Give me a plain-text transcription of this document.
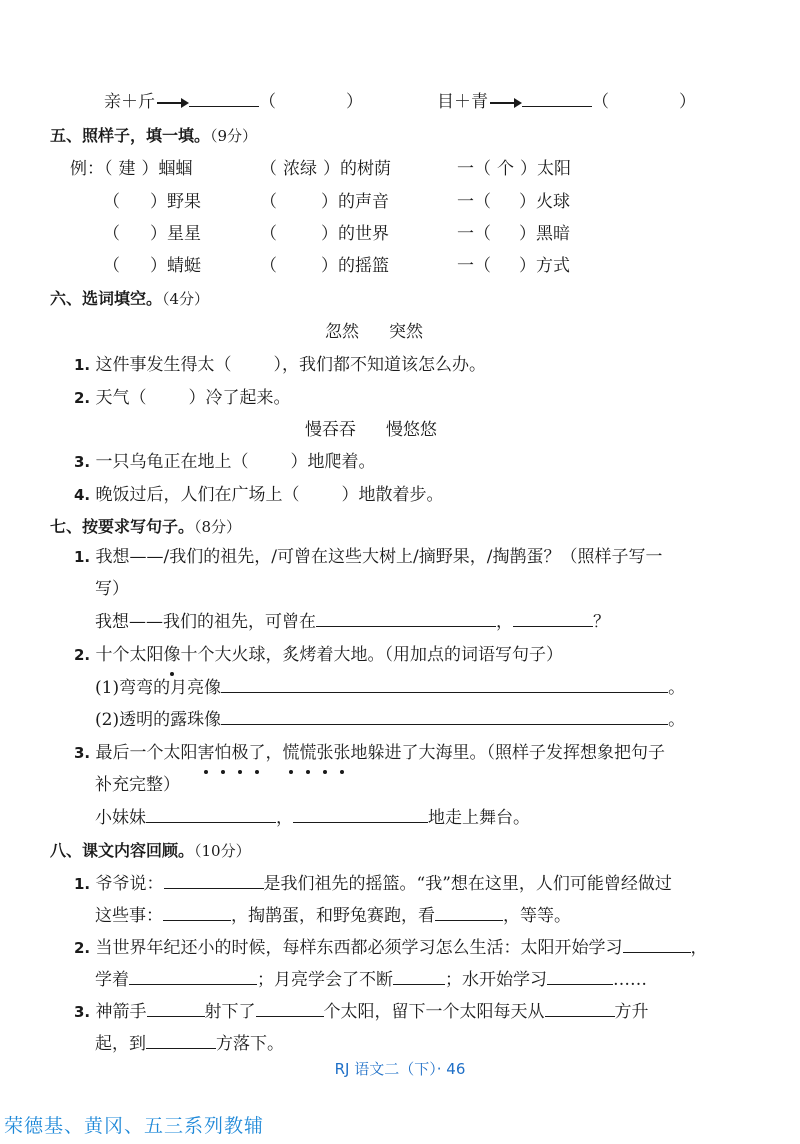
亲＋斤	（	）	目＋青	（	）
五、照样子，填一填。（9分）
例：（ 建 ）蝈蝈	（ 浓绿 ）的树荫	一（ 个 ）太阳
（ ）野果	（	）的声音	一（ ）火球
（ ）星星	（	）的世界	一（ ）黑暗
（ ）蜻蜓	（	）的摇篮	一（ ）方式
六、选词填空。（4分）
忽然 突然
1. 这件事发生得太（ ），我们都不知道该怎么办。
2. 天气（ ）冷了起来。
慢吞吞 慢悠悠
3. 一只乌龟正在地上（ ）地爬着。
4. 晚饭过后，人们在广场上（ ）地散着步。
七、按要求写句子。（8分）
1. 我想——/我们的祖先，/可曾在这些大树上/摘野果，/掏鹊蛋？（照样子写一
写）
我想——我们的祖先，可曾在	，	？
2. 十个太阳像十个大火球，炙烤着大地。（用加点的词语写句子）
(1)弯弯的月亮像	。
(2)透明的露珠像	。
3. 最后一个太阳害怕极了，慌慌张张地躲进了大海里。（照样子发挥想象把句子
补充完整）
小妹妹	，	地走上舞台。
八、课文内容回顾。（10分）
1. 爷爷说：	是我们祖先的摇篮。“我”想在这里，人们可能曾经做过
这些事：	，掏鹊蛋，和野兔赛跑，看	，等等。
2. 当世界年纪还小的时候，每样东西都必须学习怎么生活：太阳开始学习	，
学着	；月亮学会了不断	；水开始学习	……
3. 神箭手	射下了	个太阳，留下一个太阳每天从	方升
起，到	方落下。
RJ 语文二（下）· 46
荣德基、黄冈、五三系列教辅
